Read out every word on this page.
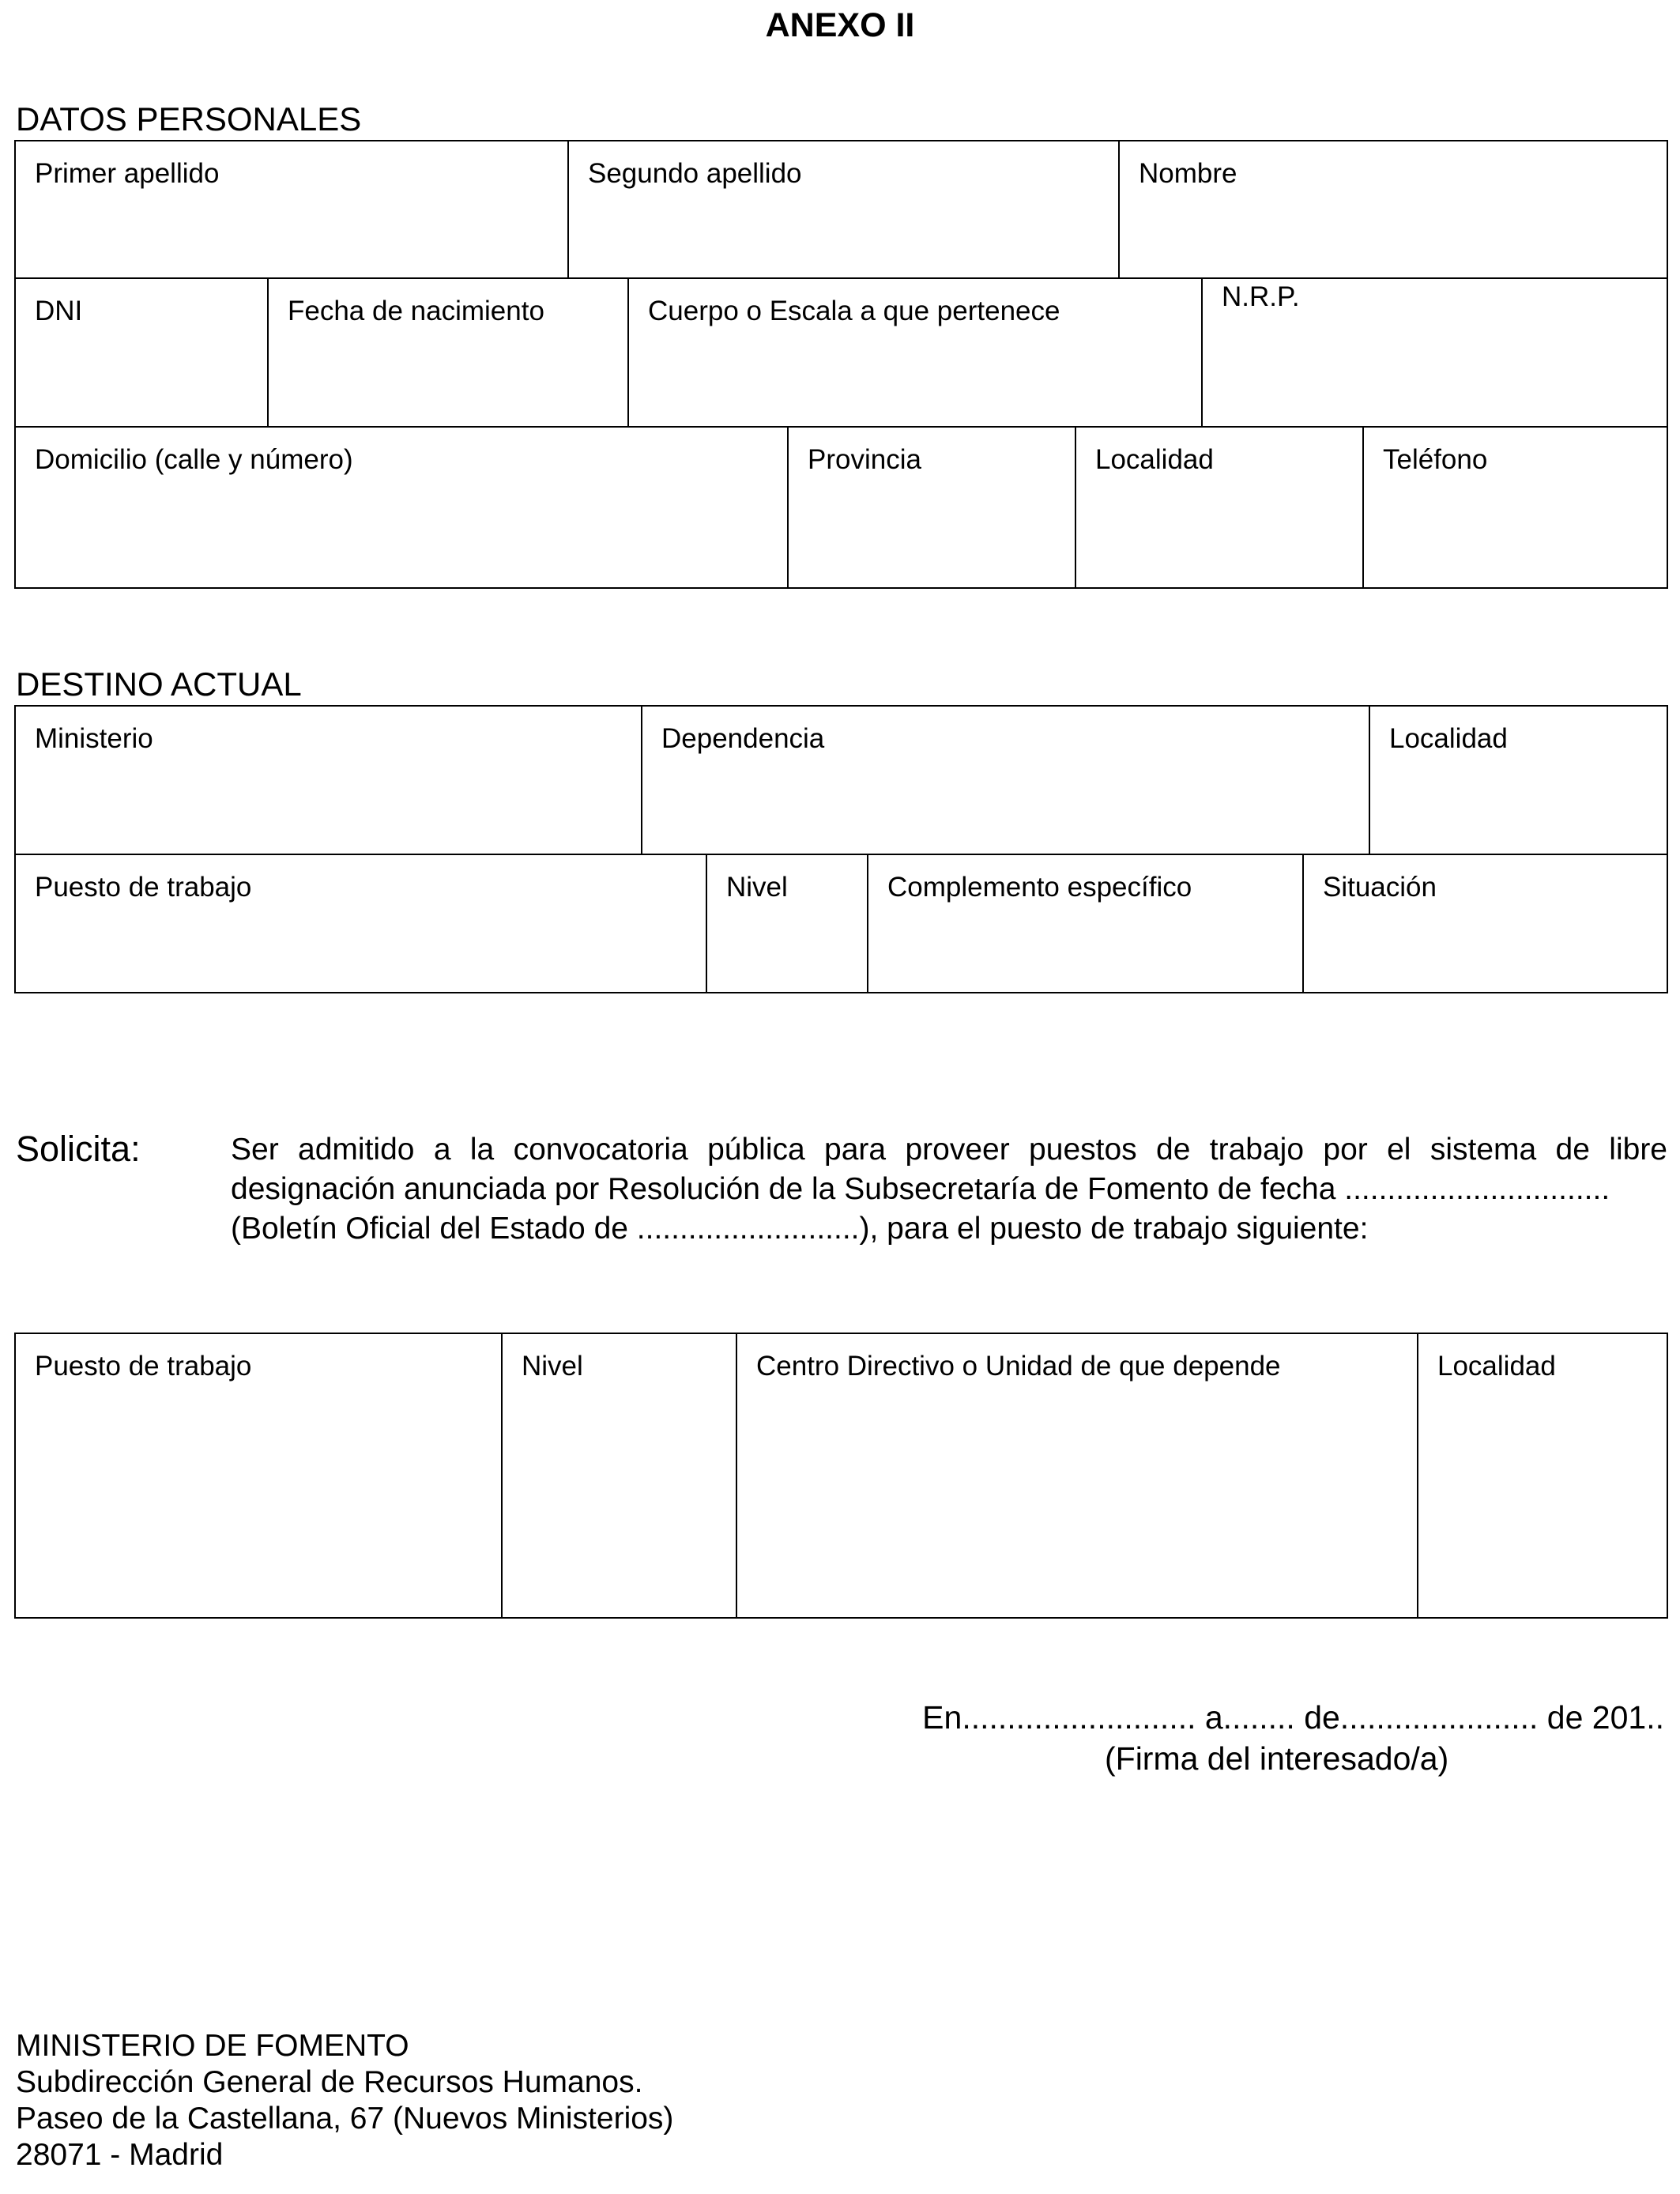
ANEXO II
DATOS PERSONALES
Primer apellido	Segundo apellido	Nombre
DNI	Fecha de nacimiento	Cuerpo o Escala a que pertenece	N.R.P.
Domicilio (calle y número)	Provincia	Localidad	Teléfono
DESTINO ACTUAL
Ministerio	Dependencia	Localidad
Puesto de trabajo	Nivel	Complemento específico	Situación
Solicita:	Ser admitido a la convocatoria pública para proveer puestos de trabajo por el sistema de libre
designación anunciada por Resolución de la Subsecretaría de Fomento de fecha ...............................
(Boletín Oficial del Estado de ..........................), para el puesto de trabajo siguiente:
Puesto de trabajo	Nivel	Centro Directivo o Unidad de que depende	Localidad
En.......................... a........ de...................... de 201..
(Firma del interesado/a)
MINISTERIO DE FOMENTO
Subdirección General de Recursos Humanos.
Paseo de la Castellana, 67 (Nuevos Ministerios)
28071 - Madrid
